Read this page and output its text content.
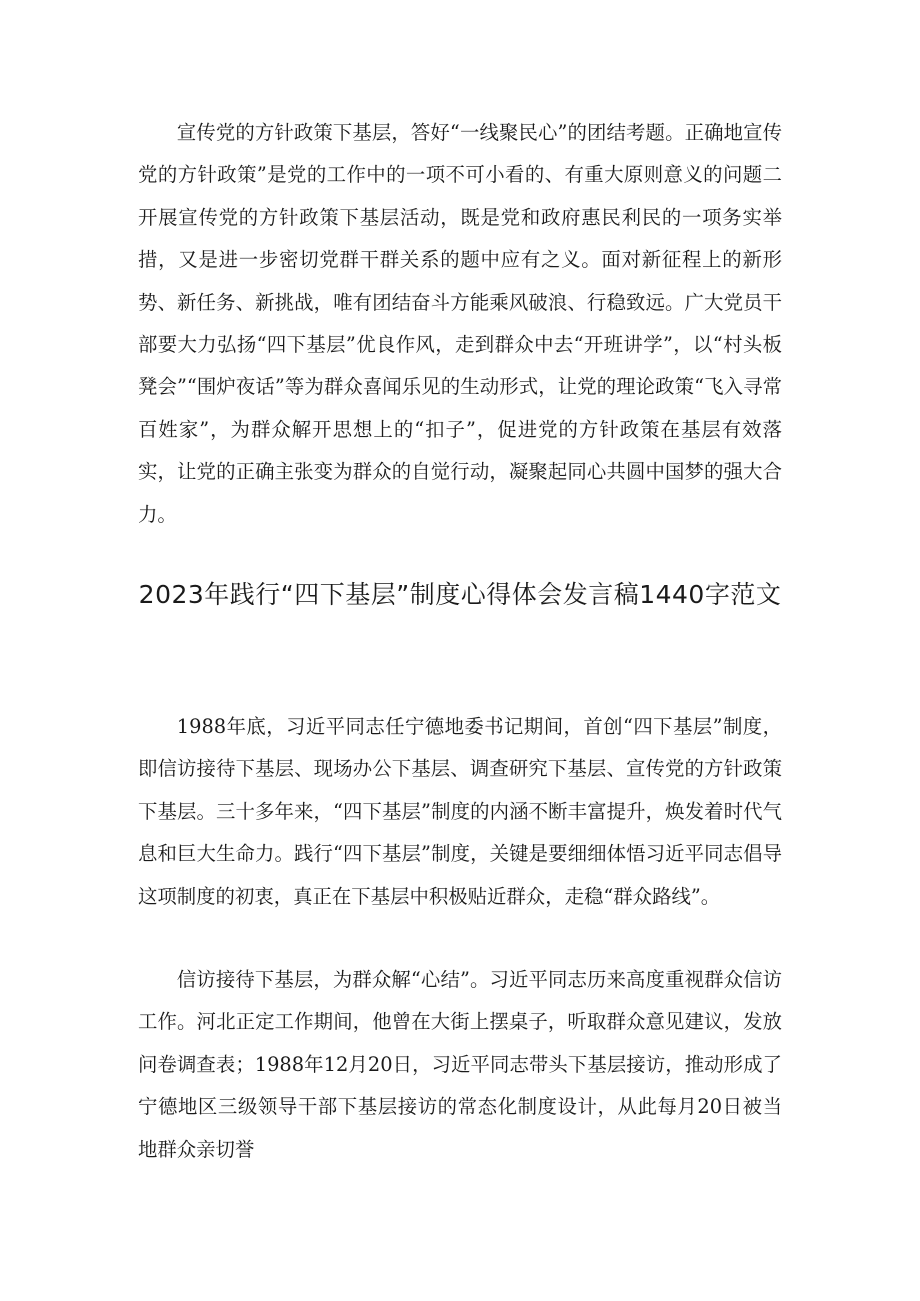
宣传党的方针政策下基层，答好“一线聚民心”的团结考题。正确地宣传党的方针政策”是党的工作中的一项不可小看的、有重大原则意义的问题二开展宣传党的方针政策下基层活动，既是党和政府惠民利民的一项务实举措，又是进一步密切党群干群关系的题中应有之义。面对新征程上的新形势、新任务、新挑战，唯有团结奋斗方能乘风破浪、行稳致远。广大党员干部要大力弘扬“四下基层”优良作风，走到群众中去“开班讲学”，以“村头板凳会”“围炉夜话”等为群众喜闻乐见的生动形式，让党的理论政策“飞入寻常百姓家”，为群众解开思想上的“扣子”，促进党的方针政策在基层有效落实，让党的正确主张变为群众的自觉行动，凝聚起同心共圆中国梦的强大合力。

2023年践行“四下基层”制度心得体会发言稿1440字范文

1988年底，习近平同志任宁德地委书记期间，首创“四下基层”制度，即信访接待下基层、现场办公下基层、调查研究下基层、宣传党的方针政策下基层。三十多年来，“四下基层”制度的内涵不断丰富提升，焕发着时代气息和巨大生命力。践行“四下基层”制度，关键是要细细体悟习近平同志倡导这项制度的初衷，真正在下基层中积极贴近群众，走稳“群众路线”。

信访接待下基层，为群众解“心结”。习近平同志历来高度重视群众信访工作。河北正定工作期间，他曾在大街上摆桌子，听取群众意见建议，发放问卷调查表；1988年12月20日，习近平同志带头下基层接访，推动形成了宁德地区三级领导干部下基层接访的常态化制度设计，从此每月20日被当地群众亲切誉
